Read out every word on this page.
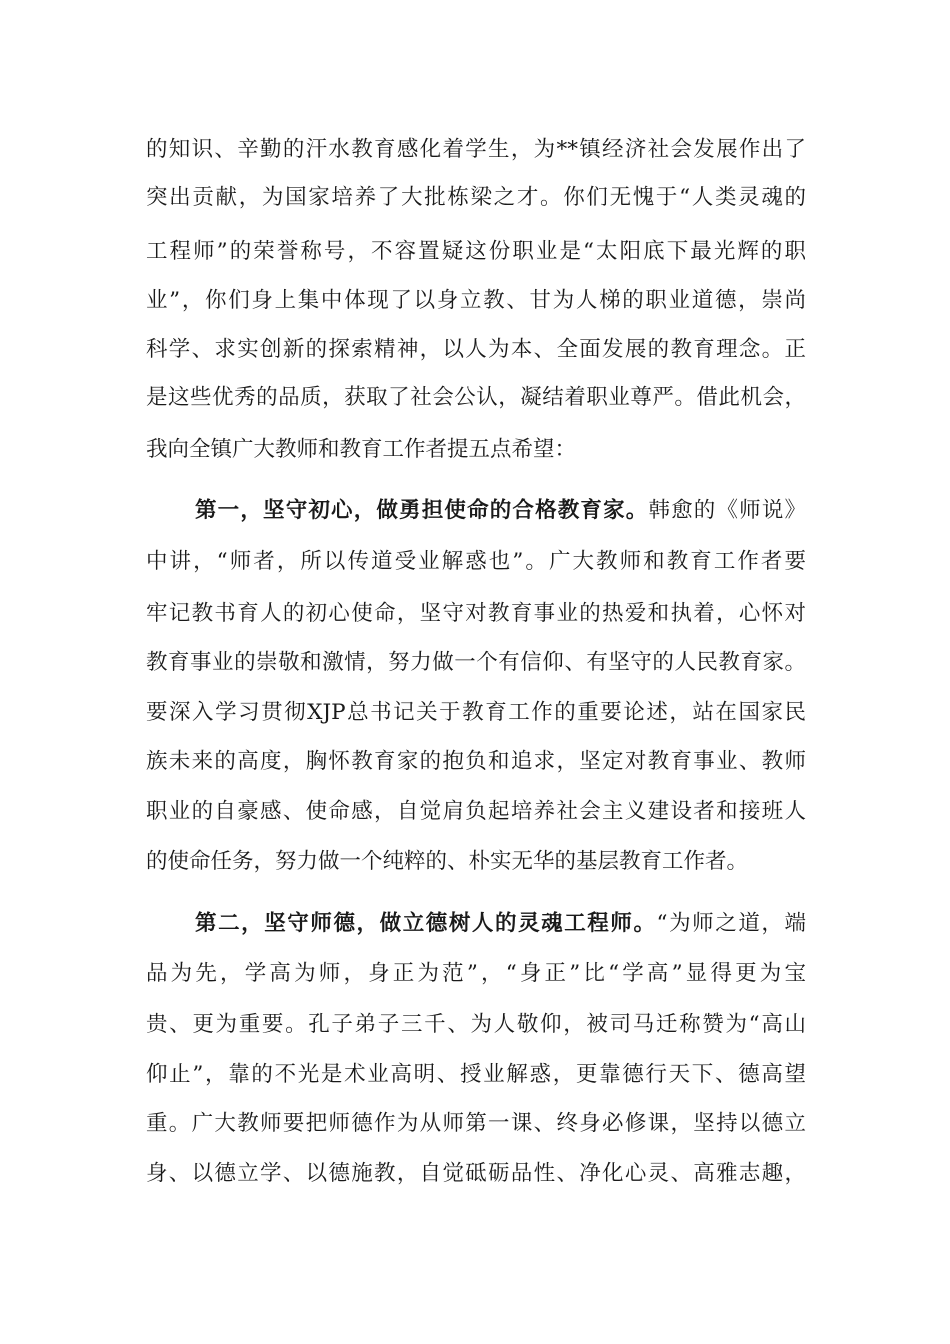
的知识、辛勤的汗水教育感化着学生，为**镇经济社会发展作出了
突出贡献，为国家培养了大批栋梁之才。你们无愧于“人类灵魂的
工程师”的荣誉称号，不容置疑这份职业是“太阳底下最光辉的职
业”，你们身上集中体现了以身立教、甘为人梯的职业道德，崇尚
科学、求实创新的探索精神，以人为本、全面发展的教育理念。正
是这些优秀的品质，获取了社会公认，凝结着职业尊严。借此机会，
我向全镇广大教师和教育工作者提五点希望：
第一，坚守初心，做勇担使命的合格教育家。韩愈的《师说》
中讲，“师者，所以传道受业解惑也”。广大教师和教育工作者要
牢记教书育人的初心使命，坚守对教育事业的热爱和执着，心怀对
教育事业的崇敬和激情，努力做一个有信仰、有坚守的人民教育家。
要深入学习贯彻XJP总书记关于教育工作的重要论述，站在国家民
族未来的高度，胸怀教育家的抱负和追求，坚定对教育事业、教师
职业的自豪感、使命感，自觉肩负起培养社会主义建设者和接班人
的使命任务，努力做一个纯粹的、朴实无华的基层教育工作者。
第二，坚守师德，做立德树人的灵魂工程师。“为师之道，端
品为先，学高为师，身正为范”，“身正”比“学高”显得更为宝
贵、更为重要。孔子弟子三千、为人敬仰，被司马迁称赞为“高山
仰止”，靠的不光是术业高明、授业解惑，更靠德行天下、德高望
重。广大教师要把师德作为从师第一课、终身必修课，坚持以德立
身、以德立学、以德施教，自觉砥砺品性、净化心灵、高雅志趣，
